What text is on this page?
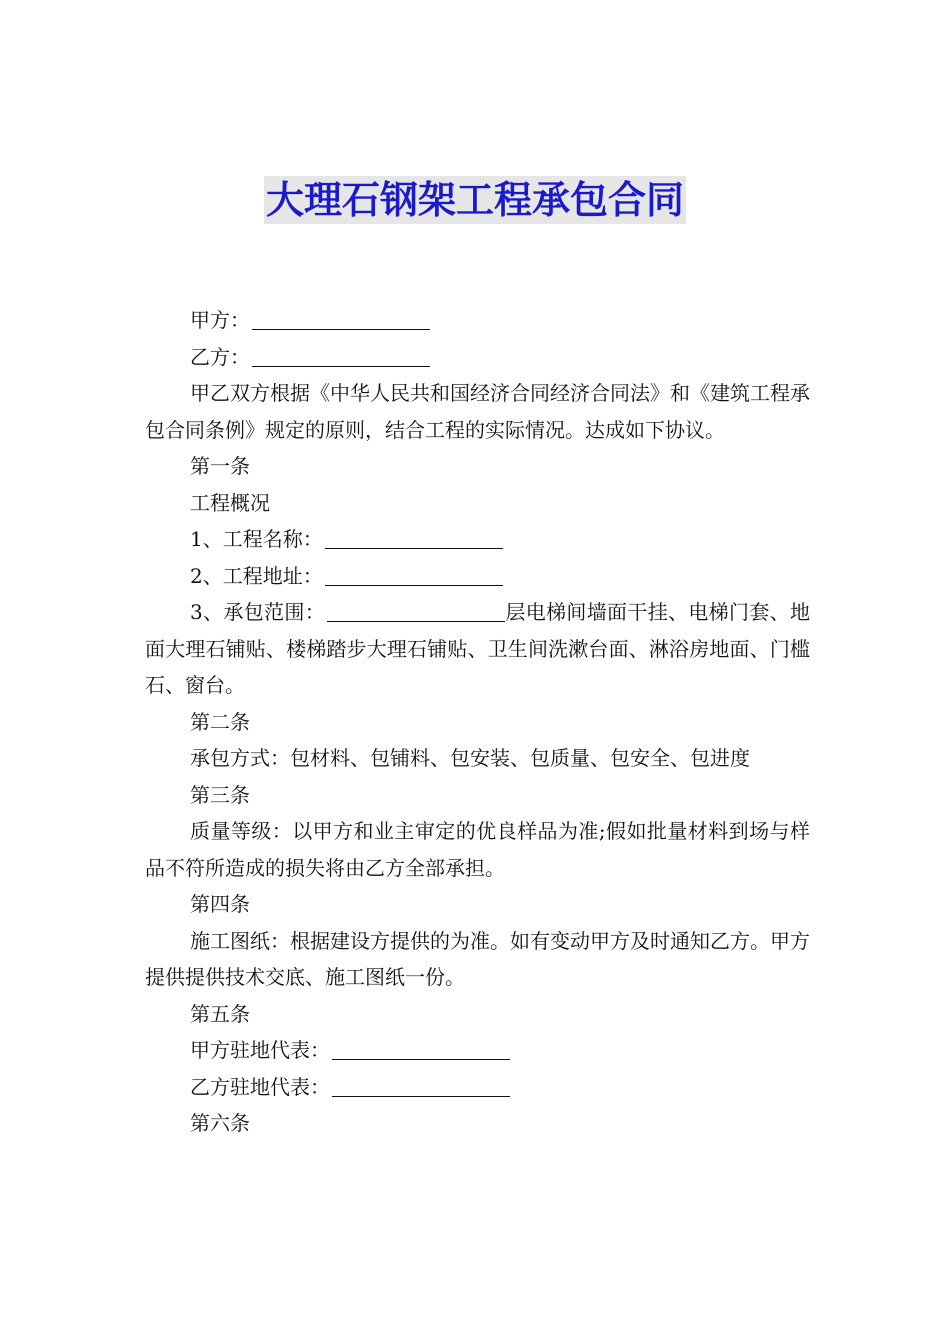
大理石钢架工程承包合同

甲方：

乙方：

甲乙双方根据《中华人民共和国经济合同经济合同法》和《建筑工程承包合同条例》规定的原则，结合工程的实际情况。达成如下协议。

第一条

工程概况

1、工程名称：

2、工程地址：

3、承包范围：	层电梯间墙面干挂、电梯门套、地面大理石铺贴、楼梯踏步大理石铺贴、卫生间洗漱台面、淋浴房地面、门槛石、窗台。

第二条

承包方式：包材料、包铺料、包安装、包质量、包安全、包进度

第三条

质量等级：以甲方和业主审定的优良样品为准;假如批量材料到场与样品不符所造成的损失将由乙方全部承担。

第四条

施工图纸：根据建设方提供的为准。如有变动甲方及时通知乙方。甲方提供提供技术交底、施工图纸一份。

第五条

甲方驻地代表：

乙方驻地代表：

第六条
